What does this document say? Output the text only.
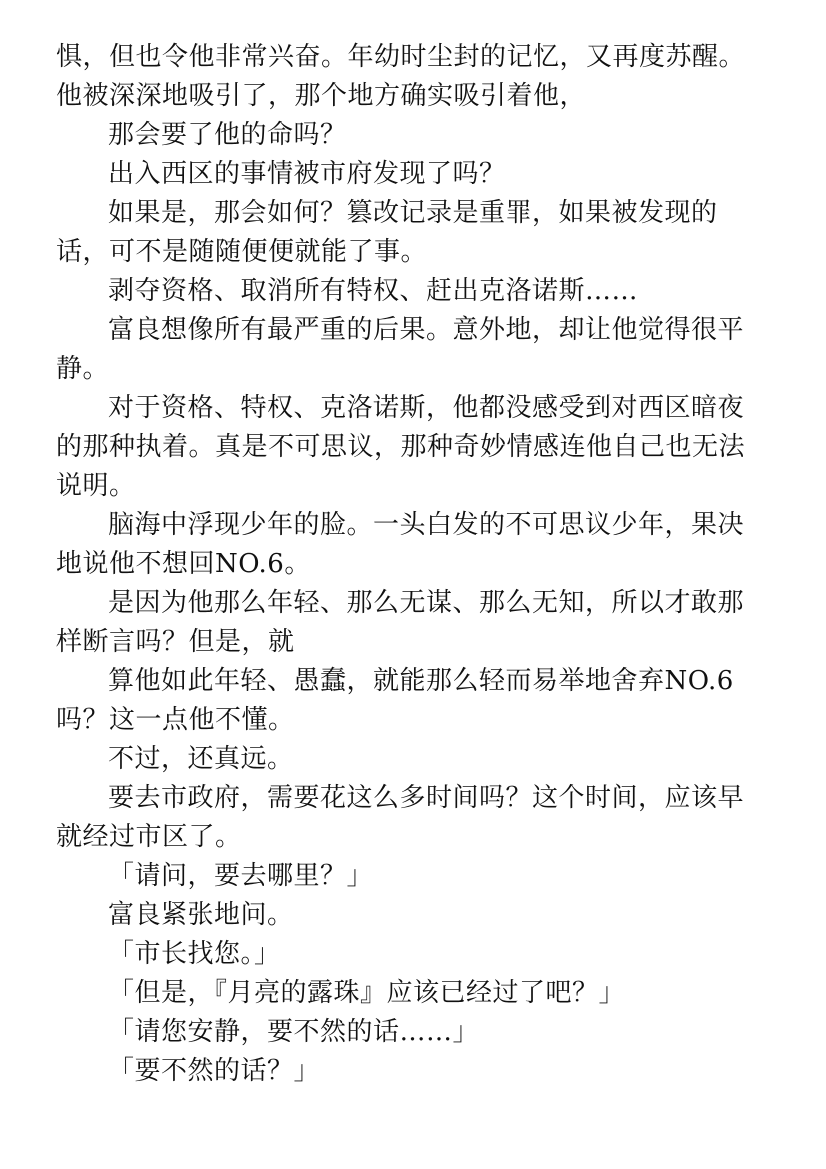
惧，但也令他非常兴奋。年幼时尘封的记忆，又再度苏醒。他被深深地吸引了，那个地方确实吸引着他，

那会要了他的命吗？

出入西区的事情被市府发现了吗？

如果是，那会如何？篡改记录是重罪，如果被发现的话，可不是随随便便就能了事。

剥夺资格、取消所有特权、赶出克洛诺斯……

富良想像所有最严重的后果。意外地，却让他觉得很平静。

对于资格、特权、克洛诺斯，他都没感受到对西区暗夜的那种执着。真是不可思议，那种奇妙情感连他自己也无法说明。

脑海中浮现少年的脸。一头白发的不可思议少年，果决地说他不想回NO.6。

是因为他那么年轻、那么无谋、那么无知，所以才敢那样断言吗？但是，就

算他如此年轻、愚蠢，就能那么轻而易举地舍弃NO.6吗？这一点他不懂。

不过，还真远。

要去市政府，需要花这么多时间吗？这个时间，应该早就经过市区了。

「请问，要去哪里？」

富良紧张地问。

「市长找您。」

「但是，『月亮的露珠』应该已经过了吧？」

「请您安静，要不然的话……」

「要不然的话？」
